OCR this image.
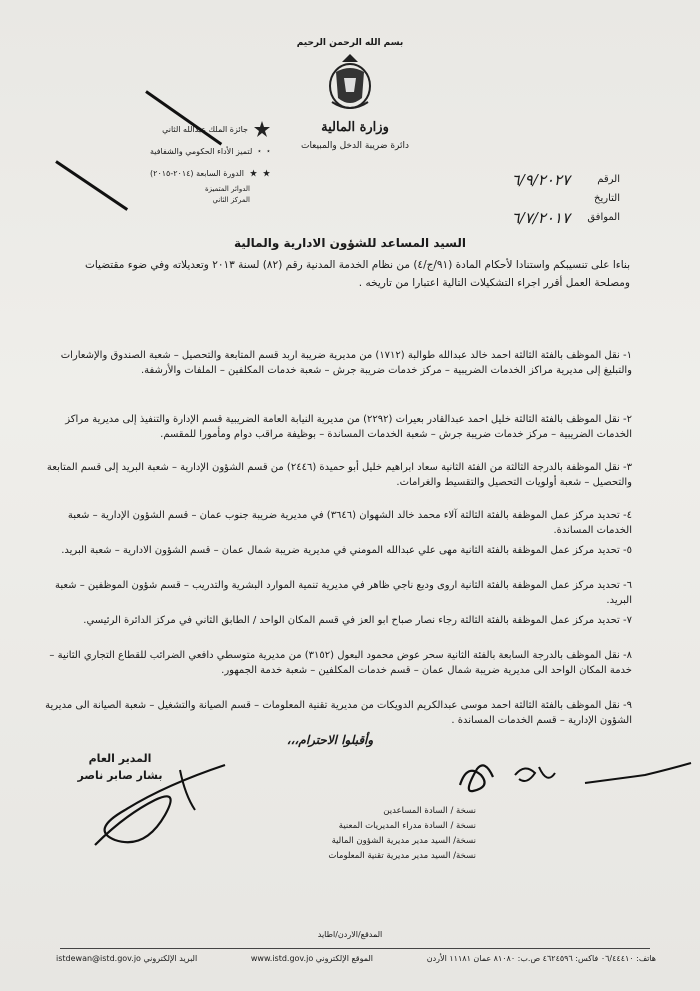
بسم الله الرحمن الرحيم
وزارة المالية
دائرة ضريبة الدخل والمبيعات
جائزة الملك عبدالله الثاني
لتميز الأداء الحكومي والشفافية
الدورة السابعة (٢٠١٤-٢٠١٥)
الدوائر المتميزة
المركز الثاني
الرقم
٦/٩/٢٠٢٧
التاريخ
الموافق
٦/٧/٢٠١٧
السيد المساعد للشؤون الادارية والمالية
بناءا على تنسيبكم واستنادا لأحكام المادة (٩١/ج/٤) من نظام الخدمة المدنية رقم (٨٢) لسنة ٢٠١٣ وتعديلاته وفي ضوء مقتضيات ومصلحة العمل أقرر اجراء التشكيلات التالية اعتبارا من تاريخه .
١- نقل الموظف بالفئة الثالثة احمد خالد عبدالله طوالبة (١٧١٢) من مديرية ضريبة اربد قسم المتابعة والتحصيل – شعبة الصندوق والإشعارات والتبليغ إلى مديرية مراكز الخدمات الضريبية – مركز خدمات ضريبة جرش – شعبة خدمات المكلفين – الملفات والأرشفة.
٢- نقل الموظف بالفئة الثالثة خليل احمد عبدالقادر بعيرات (٢٢٩٢) من مديرية النيابة العامة الضريبية قسم الإدارة والتنفيذ إلى مديرية مراكز الخدمات الضريبية – مركز خدمات ضريبة جرش – شعبة الخدمات المساندة – بوظيفة مراقب دوام ومأمورا للمقسم.
٣- نقل الموظفة بالدرجة الثالثة من الفئة الثانية سعاد ابراهيم خليل أبو حميدة (٢٤٤٦) من قسم الشؤون الإدارية – شعبة البريد إلى قسم المتابعة والتحصيل – شعبة أولويات التحصيل والتقسيط والغرامات.
٤- تحديد مركز عمل الموظفة بالفئة الثالثة آلاء محمد خالد الشهوان (٣٦٤٦) في مديرية ضريبة جنوب عمان – قسم الشؤون الإدارية – شعبة الخدمات المساندة.
٥- تحديد مركز عمل الموظفة بالفئة الثانية مهى علي عبدالله المومني في مديرية ضريبة شمال عمان – قسم الشؤون الادارية – شعبة البريد.
٦- تحديد مركز عمل الموظفة بالفئة الثانية اروى وديع ناجي ظاهر في مديرية تنمية الموارد البشرية والتدريب – قسم شؤون الموظفين – شعبة البريد.
٧- تحديد مركز عمل الموظفة بالفئة الثالثة رجاء نصار صباح ابو العز في قسم المكان الواحد / الطابق الثاني في مركز الدائرة الرئيسي.
٨- نقل الموظف بالدرجة السابعة بالفئة الثانية سحر عوض محمود البعول (٣١٥٢) من مديرية متوسطي دافعي الضرائب للقطاع التجاري الثانية – خدمة المكان الواحد الى مديرية ضريبة شمال عمان – قسم خدمات المكلفين – شعبة خدمة الجمهور.
٩- نقل الموظف بالفئة الثالثة احمد موسى عبدالكريم الدويكات من مديرية تقنية المعلومات – قسم الصيانة والتشغيل – شعبة الصيانة الى مديرية الشؤون الإدارية – قسم الخدمات المساندة .
وأقبلوا الاحترام،،،
المدير العام
بشار صابر ناصر
نسخة / السادة المساعدين
نسخة / السادة مدراء المديريات المعنية
نسخة/ السيد مدير مديرية الشؤون المالية
نسخة/ السيد مدير مديرية تقنية المعلومات
المدقع/الاردن/اطايد
هاتف: ٠٦/٤٤٤١٠ فاكس: ٤٦٢٤٥٩٦ ص.ب: ٨١٠٨٠ عمان ١١١٨١ الأردن
الموقع الإلكتروني www.istd.gov.jo
البريد الإلكتروني istdewan@istd.gov.jo
